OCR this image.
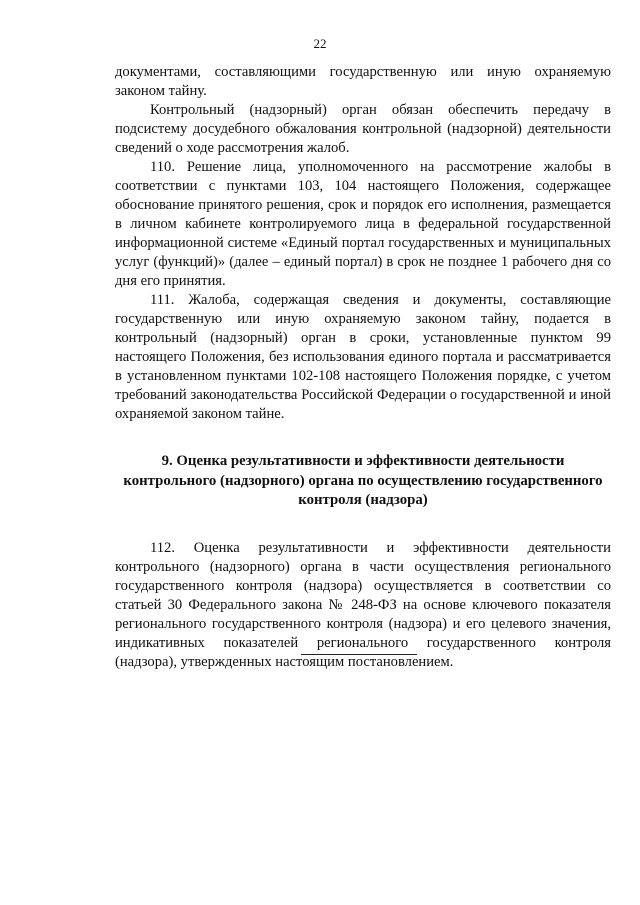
22

документами, составляющими государственную или иную охраняемую законом тайну.

Контрольный (надзорный) орган обязан обеспечить передачу в подсистему досудебного обжалования контрольной (надзорной) деятельности сведений о ходе рассмотрения жалоб.

110. Решение лица, уполномоченного на рассмотрение жалобы в соответствии с пунктами 103, 104 настоящего Положения, содержащее обоснование принятого решения, срок и порядок его исполнения, размещается в личном кабинете контролируемого лица в федеральной государственной информационной системе «Единый портал государственных и муниципальных услуг (функций)» (далее – единый портал) в срок не позднее 1 рабочего дня со дня его принятия.

111. Жалоба, содержащая сведения и документы, составляющие государственную или иную охраняемую законом тайну, подается в контрольный (надзорный) орган в сроки, установленные пунктом 99 настоящего Положения, без использования единого портала и рассматривается в установленном пунктами 102-108 настоящего Положения порядке, с учетом требований законодательства Российской Федерации о государственной и иной охраняемой законом тайне.

9. Оценка результативности и эффективности деятельности контрольного (надзорного) органа по осуществлению государственного контроля (надзора)

112. Оценка результативности и эффективности деятельности контрольного (надзорного) органа в части осуществления регионального государственного контроля (надзора) осуществляется в соответствии со статьей 30 Федерального закона № 248-ФЗ на основе ключевого показателя регионального государственного контроля (надзора) и его целевого значения, индикативных показателей регионального государственного контроля (надзора), утвержденных настоящим постановлением.
